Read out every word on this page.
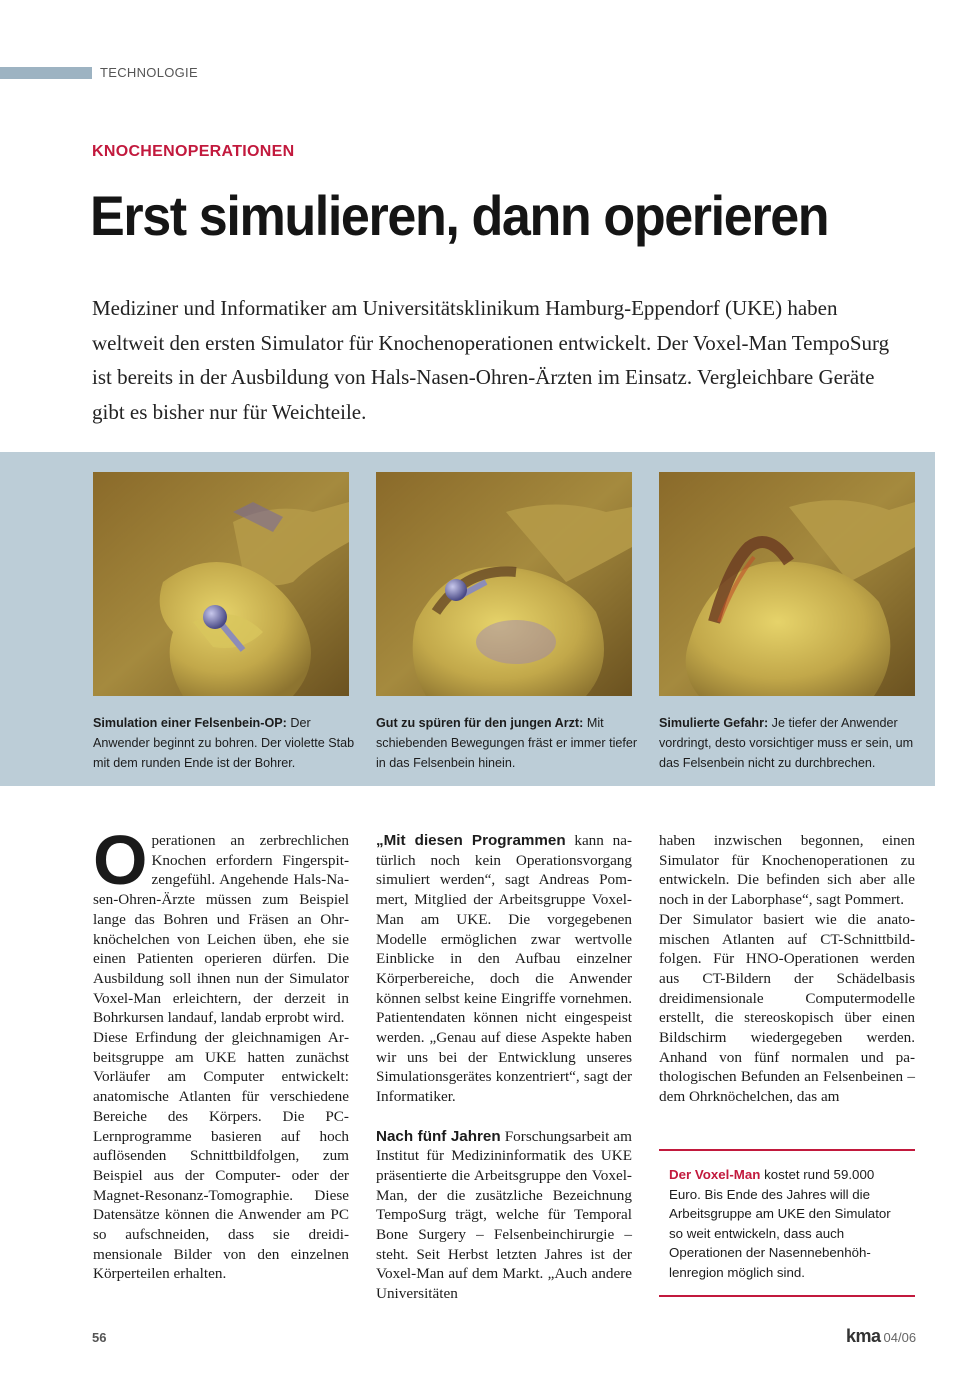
TECHNOLOGIE
KNOCHENOPERATIONEN
Erst simulieren, dann operieren

Mediziner und Informatiker am Universitätsklinikum Hamburg-Eppendorf (UKE) haben weltweit den ersten Simulator für Knochenoperationen entwickelt. Der Voxel-Man TempoSurg ist bereits in der Ausbildung von Hals-Nasen-Ohren-Ärzten im Einsatz. Vergleichbare Geräte gibt es bisher nur für Weichteile.

Simulation einer Felsenbein-OP: Der Anwender beginnt zu bohren. Der violette Stab mit dem runden Ende ist der Bohrer.

Gut zu spüren für den jungen Arzt: Mit schiebenden Bewegungen fräst er immer tiefer in das Felsenbein hinein.

Simulierte Gefahr: Je tiefer der Anwender vordringt, desto vorsichtiger muss er sein, um das Felsenbein nicht zu durchbrechen.

Operationen an zerbrechlichen Knochen erfordern Fingerspitzengefühl. Angehende Hals-Nasen-Ohren-Ärzte müssen zum Beispiel lange das Bohren und Fräsen an Ohrknöchelchen von Leichen üben, ehe sie einen Patienten operieren dürfen. Die Ausbildung soll ihnen nun der Simulator Voxel-Man erleichtern, der derzeit in Bohrkursen landauf, landab erprobt wird.

Diese Erfindung der gleichnamigen Arbeitsgruppe am UKE hatten zunächst Vorläufer am Computer entwickelt: anatomische Atlanten für verschiedene Bereiche des Körpers. Die PC-Lernprogramme basieren auf hoch auflösenden Schnittbildfolgen, zum Beispiel aus der Computer- oder der Magnet-Resonanz-Tomographie. Diese Datensätze können die Anwender am PC so aufschneiden, dass sie dreidimensionale Bilder von den einzelnen Körperteilen erhalten.

„Mit diesen Programmen kann natürlich noch kein Operationsvorgang simuliert werden“, sagt Andreas Pommert, Mitglied der Arbeitsgruppe Voxel-Man am UKE. Die vorgegebenen Modelle ermöglichen zwar wertvolle Einblicke in den Aufbau einzelner Körperbereiche, doch die Anwender können selbst keine Eingriffe vornehmen. Patientendaten können nicht eingespeist werden. „Genau auf diese Aspekte haben wir uns bei der Entwicklung unseres Simulationsgerätes konzentriert“, sagt der Informatiker.

Nach fünf Jahren Forschungsarbeit am Institut für Medizininformatik des UKE präsentierte die Arbeitsgruppe den Voxel-Man, der die zusätzliche Bezeichnung TempoSurg trägt, welche für Temporal Bone Surgery – Felsenbeinchirurgie – steht. Seit Herbst letzten Jahres ist der Voxel-Man auf dem Markt. „Auch andere Universitäten

haben inzwischen begonnen, einen Simulator für Knochenoperationen zu entwickeln. Die befinden sich aber alle noch in der Laborphase“, sagt Pommert.

Der Simulator basiert wie die anatomischen Atlanten auf CT-Schnittbildfolgen. Für HNO-Operationen werden aus CT-Bildern der Schädelbasis dreidimensionale Computermodelle erstellt, die stereoskopisch über einen Bildschirm wiedergegeben werden. Anhand von fünf normalen und pathologischen Befunden an Felsenbeinen – dem Ohrknöchelchen, das am

Der Voxel-Man kostet rund 59.000 Euro. Bis Ende des Jahres will die Arbeitsgruppe am UKE den Simulator so weit entwickeln, dass auch Operationen der Nasennebenhöhlenregion möglich sind.
56	kma 04/06
